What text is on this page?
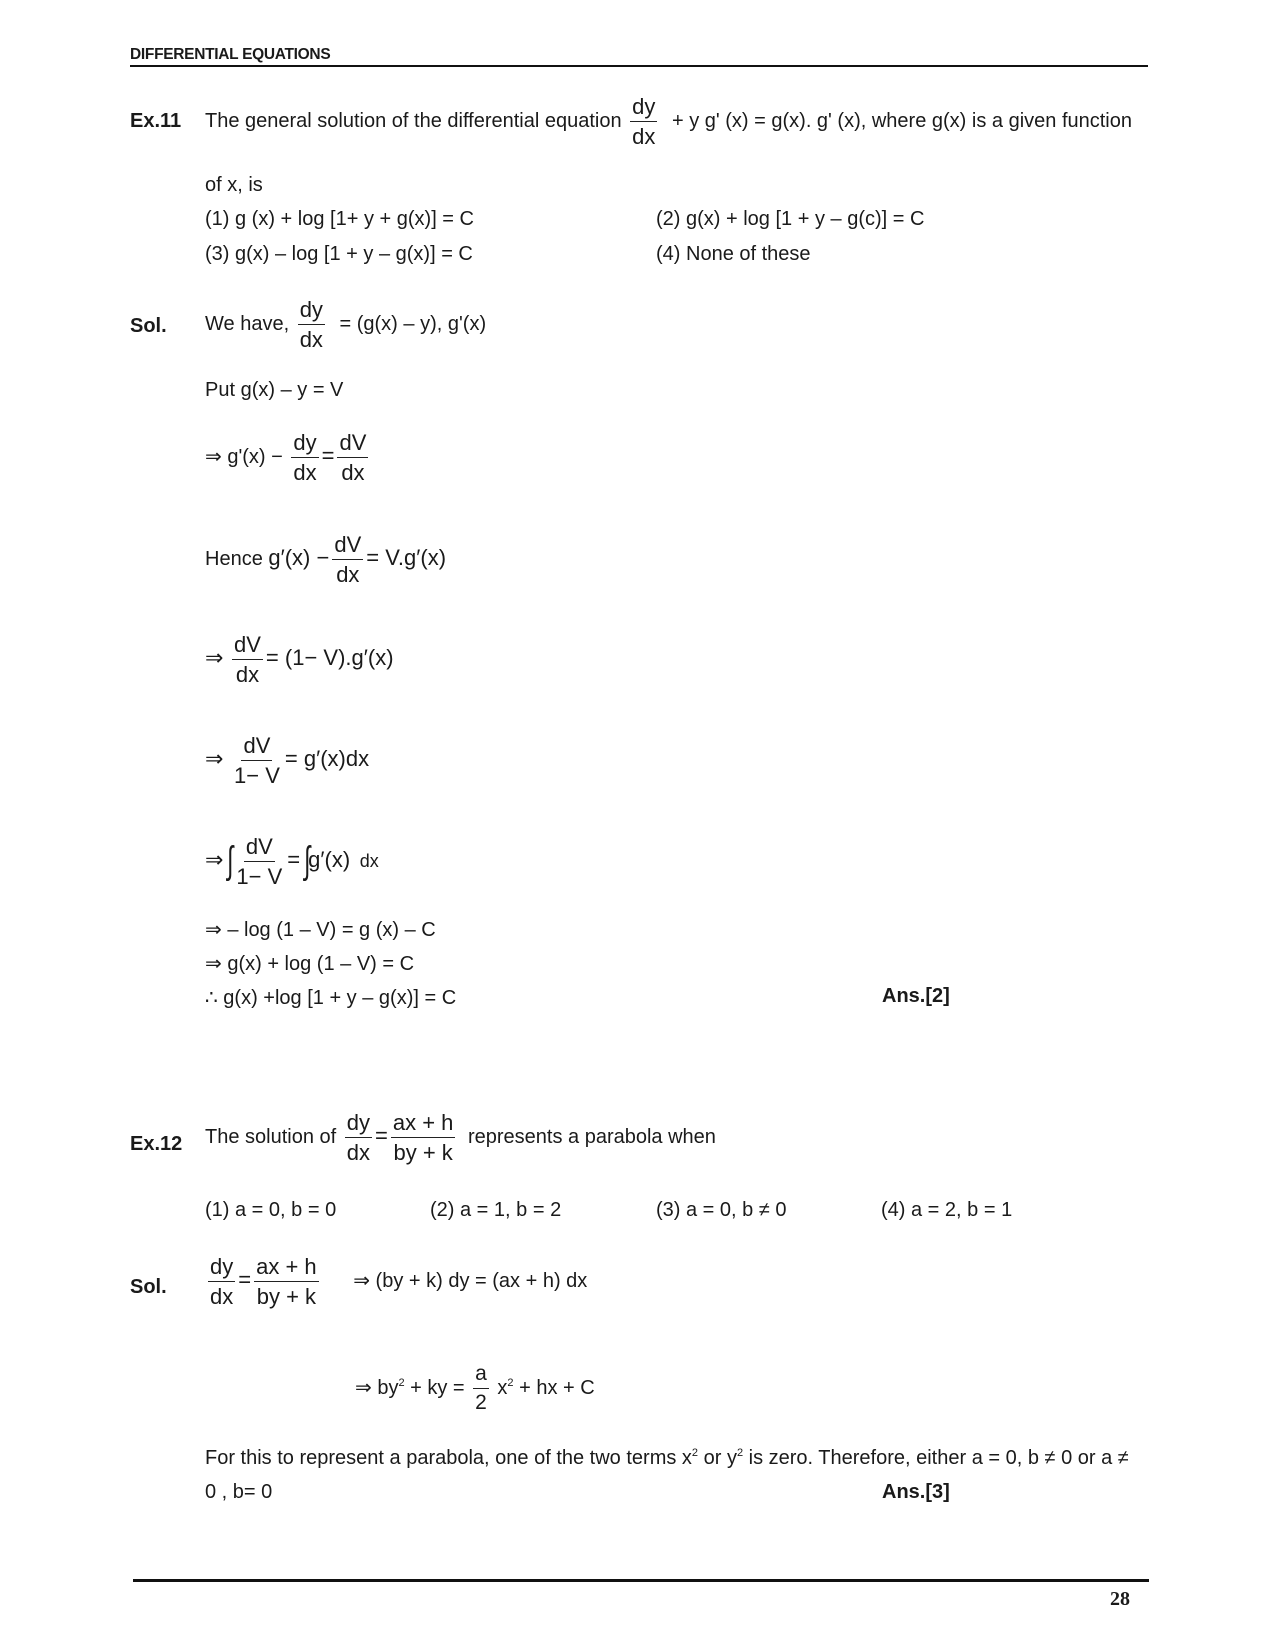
DIFFERENTIAL EQUATIONS
Ex.11 The general solution of the differential equation $\frac{dy}{dx} + y$ g' (x) = g(x). g' (x), where g(x) is a given function
of x, is
(1) g (x) + log [1+ y + g(x)] = C	(2) g(x) + log [1 + y – g(c)] = C
(3) g(x) – log [1 + y – g(x)] = C	(4) None of these
Sol. We have, $\frac{dy}{dx} = (g(x) - y)$, g'(x)
Put g(x) – y = V
⇒ $g'(x) - \frac{dy}{dx} = \frac{dV}{dx}$
Hence $g'(x) - \frac{dV}{dx} = V.g'(x)$
⇒ $\frac{dV}{dx} = (1- V).g'(x)$
⇒ $\frac{dV}{1- V} = g'(x)dx$
⇒ ∫ $\frac{dV}{1- V} = \int g'(x)$ dx
⇒ – log (1 – V) = g (x) – C
⇒ g(x) + log (1 – V) = C
∴ g(x) +log [1 + y – g(x)] = C	Ans.[2]
Ex.12 The solution of $\frac{dy}{dx} = \frac{ax + h}{by + k}$ represents a parabola when
(1) a = 0, b = 0	(2) a = 1, b = 2	(3) a = 0, b ≠ 0	(4) a = 2, b = 1
Sol. $\frac{dy}{dx} = \frac{ax + h}{by + k}$ ⇒ (by + k) dy = (ax + h) dx
⇒ $by^2$ + ky = $\frac{a}{2} x^2$ + hx + C
For this to represent a parabola, one of the two terms $x^2$ or $y^2$ is zero. Therefore, either a = 0, b ≠ 0 or a ≠
0 , b= 0	Ans.[3]
28
